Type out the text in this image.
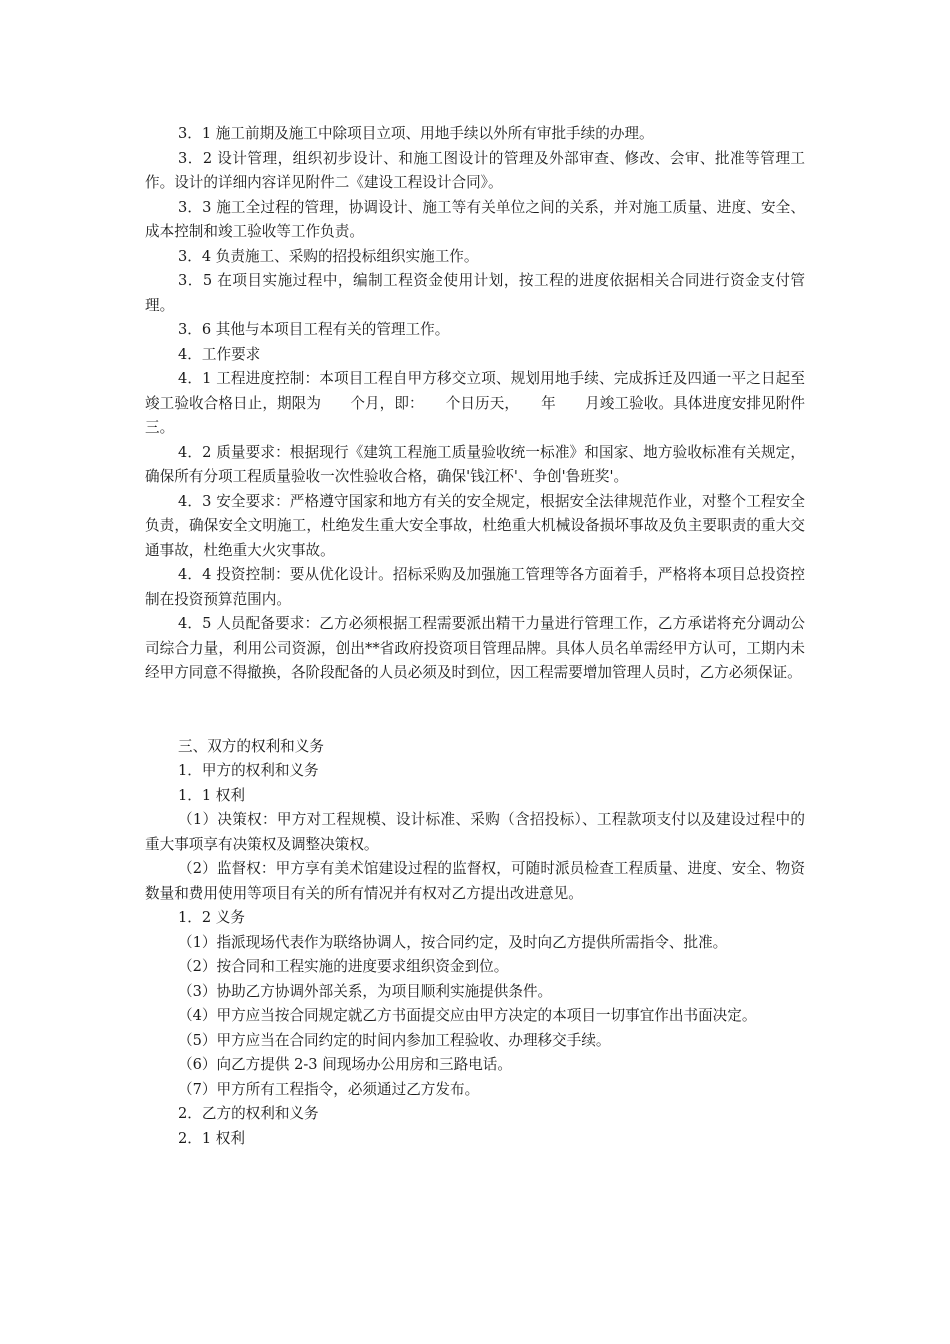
3．1 施工前期及施工中除项目立项、用地手续以外所有审批手续的办理。

3．2 设计管理，组织初步设计、和施工图设计的管理及外部审查、修改、会审、批准等管理工作。设计的详细内容详见附件二《建设工程设计合同》。

3．3 施工全过程的管理，协调设计、施工等有关单位之间的关系，并对施工质量、进度、安全、成本控制和竣工验收等工作负责。

3．4 负责施工、采购的招投标组织实施工作。

3．5 在项目实施过程中，编制工程资金使用计划，按工程的进度依据相关合同进行资金支付管理。

3．6 其他与本项目工程有关的管理工作。

4．工作要求

4．1 工程进度控制：本项目工程自甲方移交立项、规划用地手续、完成拆迁及四通一平之日起至竣工验收合格日止，期限为　　个月，即：　　个日历天，　　年　　月竣工验收。具体进度安排见附件三。

4．2 质量要求：根据现行《建筑工程施工质量验收统一标准》和国家、地方验收标准有关规定，确保所有分项工程质量验收一次性验收合格，确保'钱江杯'、争创'鲁班奖'。

4．3 安全要求：严格遵守国家和地方有关的安全规定，根据安全法律规范作业，对整个工程安全负责，确保安全文明施工，杜绝发生重大安全事故，杜绝重大机械设备损坏事故及负主要职责的重大交通事故，杜绝重大火灾事故。

4．4 投资控制：要从优化设计。招标采购及加强施工管理等各方面着手，严格将本项目总投资控制在投资预算范围内。

4．5 人员配备要求：乙方必须根据工程需要派出精干力量进行管理工作，乙方承诺将充分调动公司综合力量，利用公司资源，创出**省政府投资项目管理品牌。具体人员名单需经甲方认可，工期内未经甲方同意不得撤换，各阶段配备的人员必须及时到位，因工程需要增加管理人员时，乙方必须保证。

三、双方的权利和义务

1．甲方的权利和义务

1．1 权利

（1）决策权：甲方对工程规模、设计标准、采购（含招投标）、工程款项支付以及建设过程中的重大事项享有决策权及调整决策权。

（2）监督权：甲方享有美术馆建设过程的监督权，可随时派员检查工程质量、进度、安全、物资数量和费用使用等项目有关的所有情况并有权对乙方提出改进意见。

1．2 义务

（1）指派现场代表作为联络协调人，按合同约定，及时向乙方提供所需指令、批准。

（2）按合同和工程实施的进度要求组织资金到位。

（3）协助乙方协调外部关系，为项目顺利实施提供条件。

（4）甲方应当按合同规定就乙方书面提交应由甲方决定的本项目一切事宜作出书面决定。

（5）甲方应当在合同约定的时间内参加工程验收、办理移交手续。

（6）向乙方提供 2-3 间现场办公用房和三路电话。

（7）甲方所有工程指令，必须通过乙方发布。

2．乙方的权利和义务

2．1 权利
